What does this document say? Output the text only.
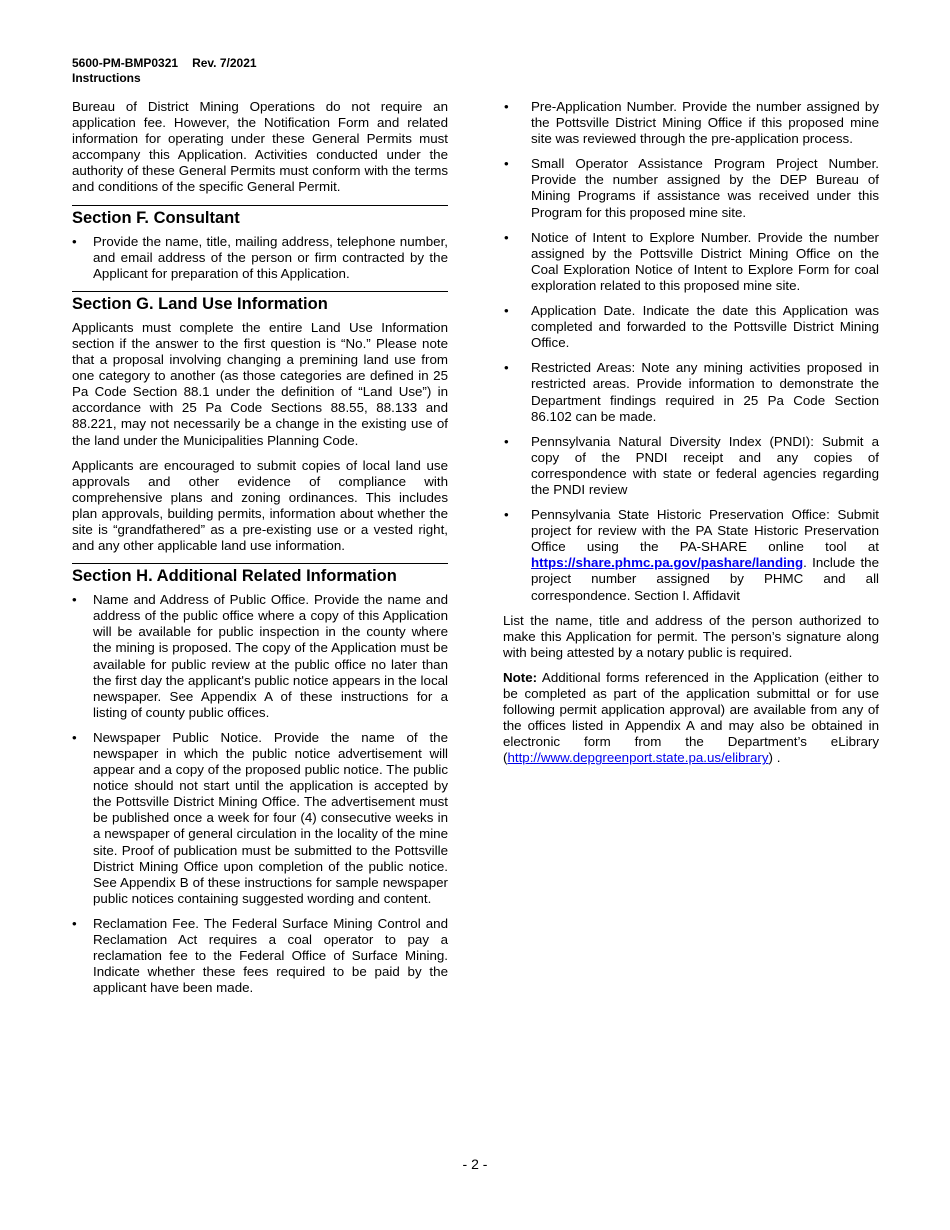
5600-PM-BMP0321 Rev. 7/2021
Instructions

Bureau of District Mining Operations do not require an application fee. However, the Notification Form and related information for operating under these General Permits must accompany this Application. Activities conducted under the authority of these General Permits must conform with the terms and conditions of the specific General Permit.

Section F. Consultant
• Provide the name, title, mailing address, telephone number, and email address of the person or firm contracted by the Applicant for preparation of this Application.
Section G. Land Use Information

Applicants must complete the entire Land Use Information section if the answer to the first question is “No.” Please note that a proposal involving changing a premining land use from one category to another (as those categories are defined in 25 Pa Code Section 88.1 under the definition of “Land Use”) in accordance with 25 Pa Code Sections 88.55, 88.133 and 88.221, may not necessarily be a change in the existing use of the land under the Municipalities Planning Code.

Applicants are encouraged to submit copies of local land use approvals and other evidence of compliance with comprehensive plans and zoning ordinances. This includes plan approvals, building permits, information about whether the site is “grandfathered” as a pre-existing use or a vested right, and any other applicable land use information.

Section H. Additional Related Information
• Name and Address of Public Office. Provide the name and address of the public office where a copy of this Application will be available for public inspection in the county where the mining is proposed. The copy of the Application must be available for public review at the public office no later than the first day the applicant's public notice appears in the local newspaper. See Appendix A of these instructions for a listing of county public offices.
• Newspaper Public Notice. Provide the name of the newspaper in which the public notice advertisement will appear and a copy of the proposed public notice. The public notice should not start until the application is accepted by the Pottsville District Mining Office. The advertisement must be published once a week for four (4) consecutive weeks in a newspaper of general circulation in the locality of the mine site. Proof of publication must be submitted to the Pottsville District Mining Office upon completion of the public notice. See Appendix B of these instructions for sample newspaper public notices containing suggested wording and content.
• Reclamation Fee. The Federal Surface Mining Control and Reclamation Act requires a coal operator to pay a reclamation fee to the Federal Office of Surface Mining. Indicate whether these fees required to be paid by the applicant have been made.
• Pre-Application Number. Provide the number assigned by the Pottsville District Mining Office if this proposed mine site was reviewed through the pre-application process.
• Small Operator Assistance Program Project Number. Provide the number assigned by the DEP Bureau of Mining Programs if assistance was received under this Program for this proposed mine site.
• Notice of Intent to Explore Number. Provide the number assigned by the Pottsville District Mining Office on the Coal Exploration Notice of Intent to Explore Form for coal exploration related to this proposed mine site.
• Application Date. Indicate the date this Application was completed and forwarded to the Pottsville District Mining Office.
• Restricted Areas: Note any mining activities proposed in restricted areas. Provide information to demonstrate the Department findings required in 25 Pa Code Section 86.102 can be made.
• Pennsylvania Natural Diversity Index (PNDI): Submit a copy of the PNDI receipt and any copies of correspondence with state or federal agencies regarding the PNDI review
• Pennsylvania State Historic Preservation Office: Submit project for review with the PA State Historic Preservation Office using the PA-SHARE online tool at https://share.phmc.pa.gov/pashare/landing. Include the project number assigned by PHMC and all correspondence. Section I. Affidavit

List the name, title and address of the person authorized to make this Application for permit. The person’s signature along with being attested by a notary public is required.

Note: Additional forms referenced in the Application (either to be completed as part of the application submittal or for use following permit application approval) are available from any of the offices listed in Appendix A and may also be obtained in electronic form from the Department’s eLibrary (http://www.depgreenport.state.pa.us/elibrary) .

- 2 -
